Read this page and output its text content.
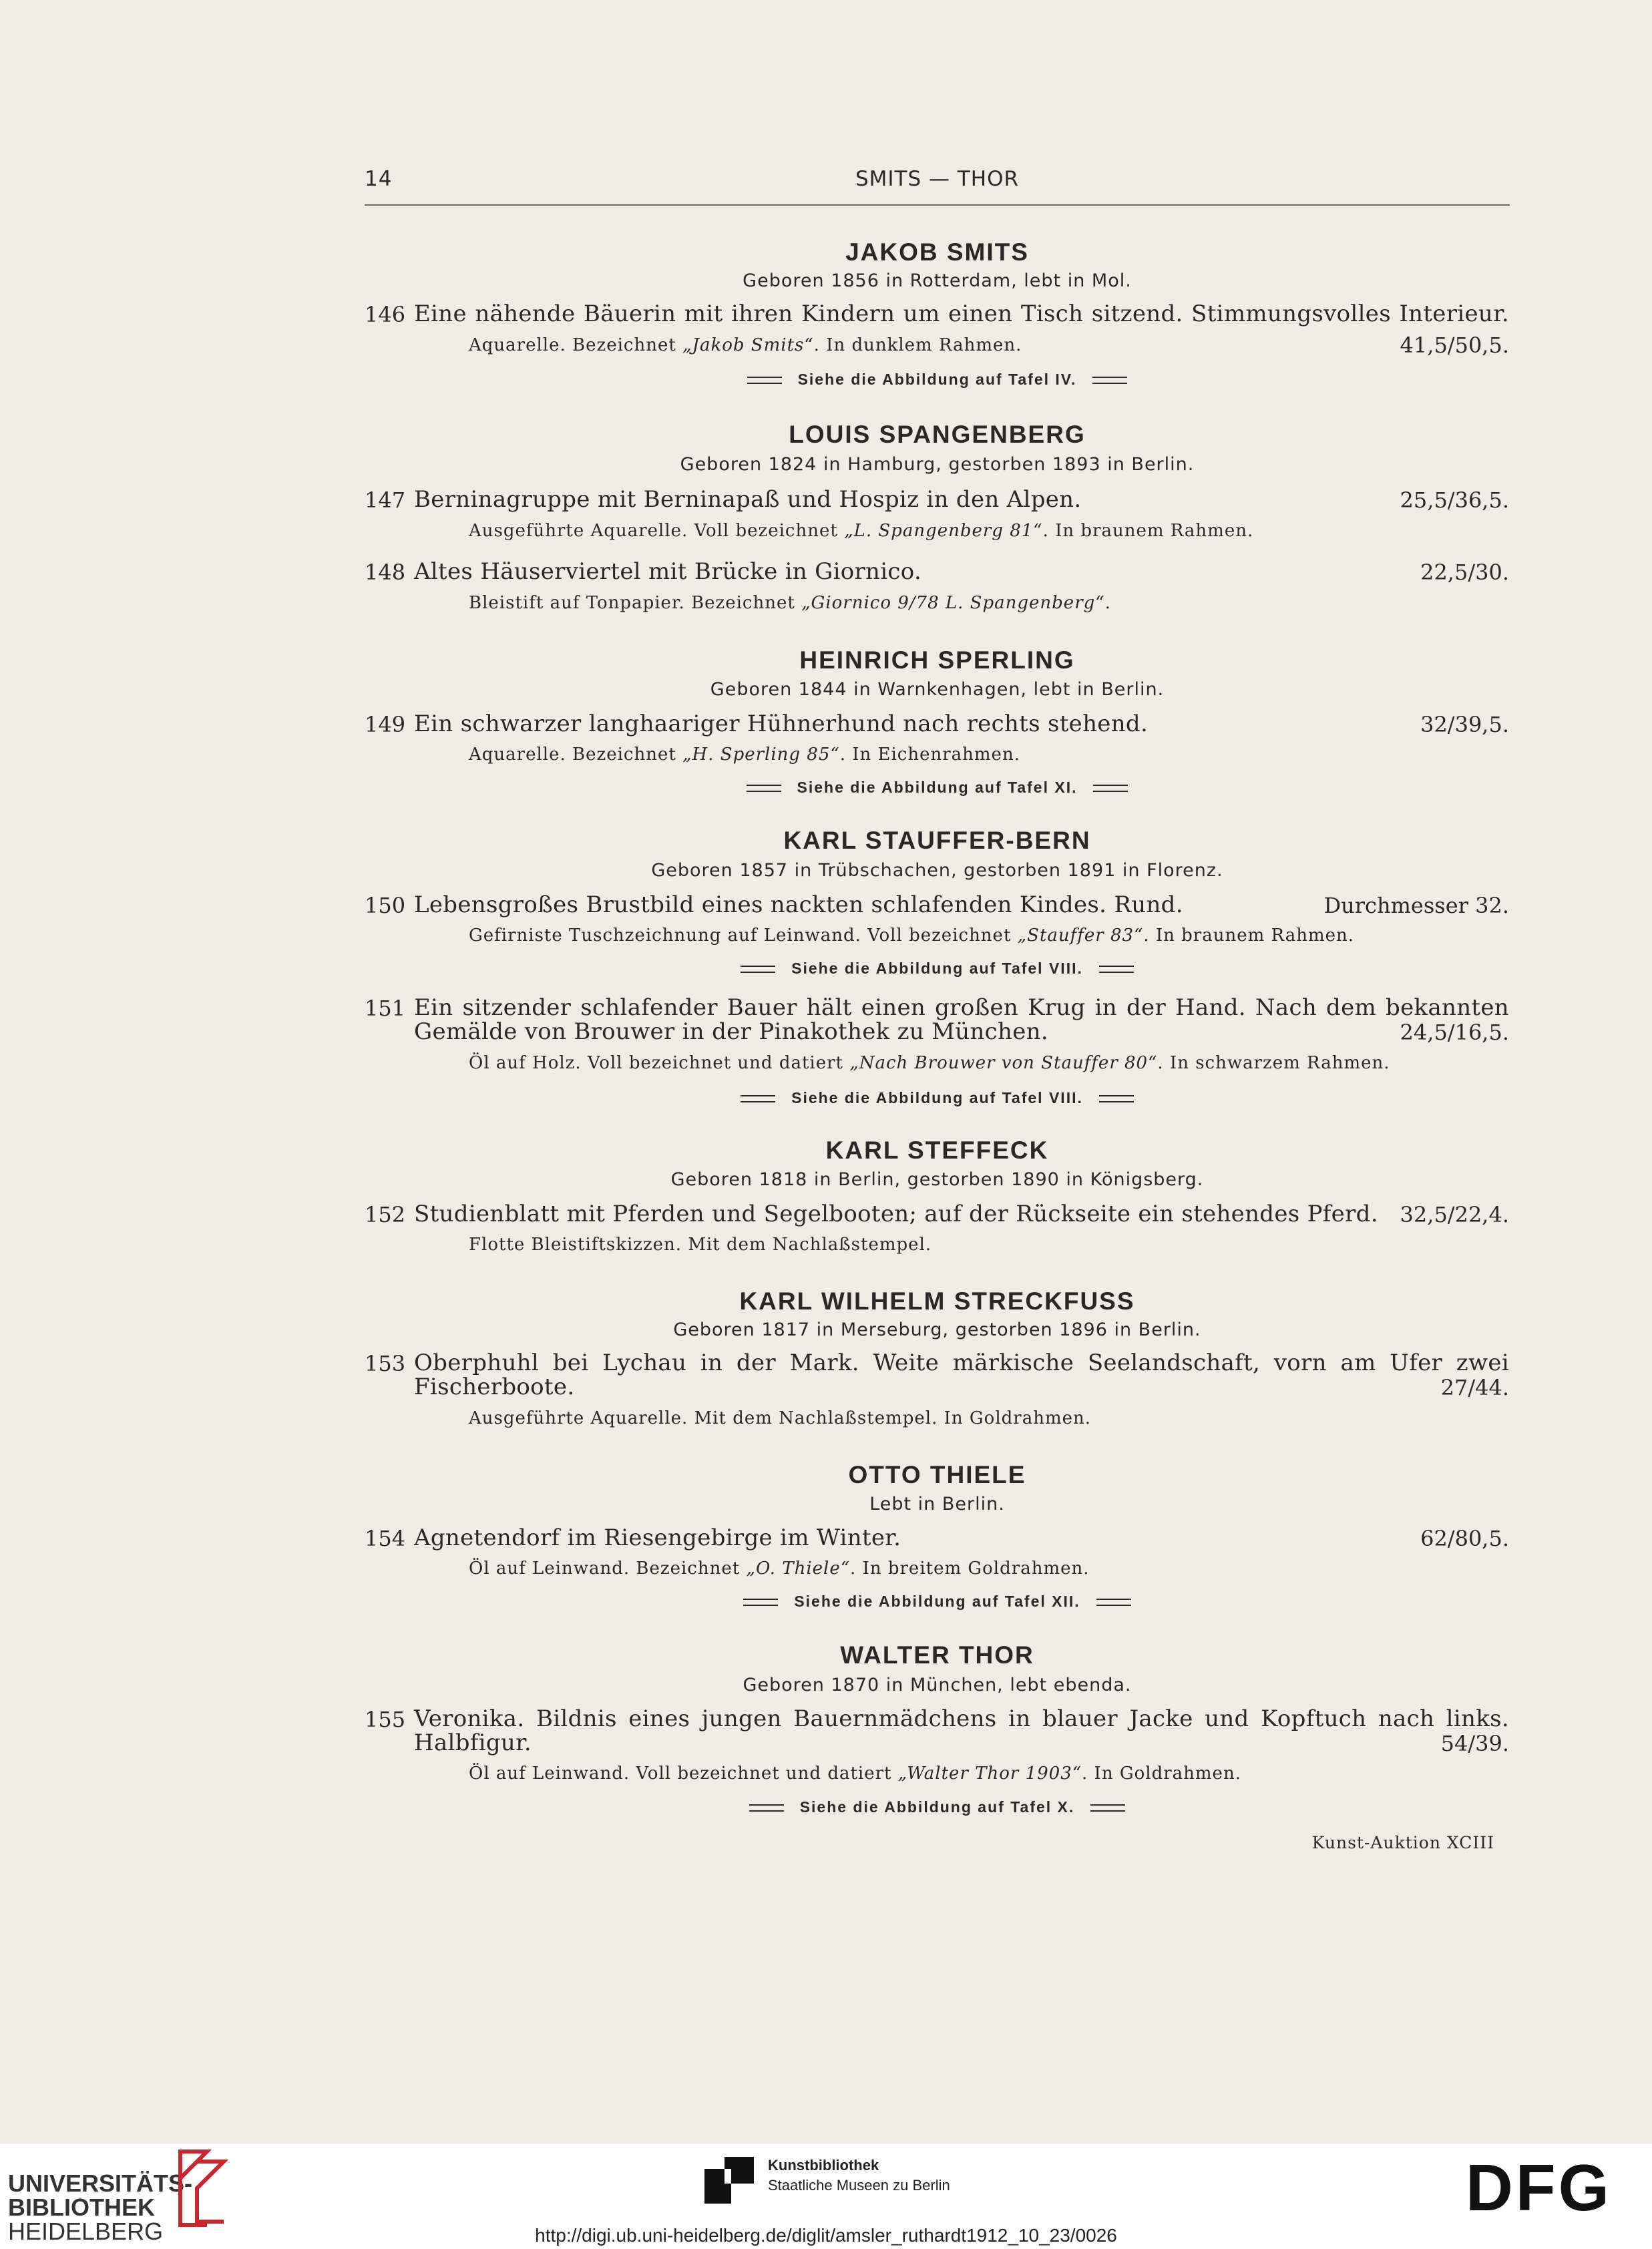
14	SMITS — THOR
JAKOB SMITS
Geboren 1856 in Rotterdam, lebt in Mol.
146 Eine nähende Bäuerin mit ihren Kindern um einen Tisch sitzend. Stimmungsvolles Interieur.
Aquarelle. Bezeichnet „Jakob Smits“. In dunklem Rahmen.	41,5/50,5.
Siehe die Abbildung auf Tafel IV.
LOUIS SPANGENBERG
Geboren 1824 in Hamburg, gestorben 1893 in Berlin.
147 Berninagruppe mit Berninapaß und Hospiz in den Alpen.	25,5/36,5.
Ausgeführte Aquarelle. Voll bezeichnet „L. Spangenberg 81“. In braunem Rahmen.
148 Altes Häuserviertel mit Brücke in Giornico.	22,5/30.
Bleistift auf Tonpapier. Bezeichnet „Giornico 9/78 L. Spangenberg“.
HEINRICH SPERLING
Geboren 1844 in Warnkenhagen, lebt in Berlin.
149 Ein schwarzer langhaariger Hühnerhund nach rechts stehend.	32/39,5.
Aquarelle. Bezeichnet „H. Sperling 85“. In Eichenrahmen.
Siehe die Abbildung auf Tafel XI.
KARL STAUFFER-BERN
Geboren 1857 in Trübschachen, gestorben 1891 in Florenz.
150 Lebensgroßes Brustbild eines nackten schlafenden Kindes. Rund.	Durchmesser 32.
Gefirniste Tuschzeichnung auf Leinwand. Voll bezeichnet „Stauffer 83“. In braunem Rahmen.
Siehe die Abbildung auf Tafel VIII.
151 Ein sitzender schlafender Bauer hält einen großen Krug in der Hand. Nach dem bekannten
Gemälde von Brouwer in der Pinakothek zu München.	24,5/16,5.
Öl auf Holz. Voll bezeichnet und datiert „Nach Brouwer von Stauffer 80“. In schwarzem Rahmen.
Siehe die Abbildung auf Tafel VIII.
KARL STEFFECK
Geboren 1818 in Berlin, gestorben 1890 in Königsberg.
152 Studienblatt mit Pferden und Segelbooten; auf der Rückseite ein stehendes Pferd.	32,5/22,4.
Flotte Bleistiftskizzen. Mit dem Nachlaßstempel.
KARL WILHELM STRECKFUSS
Geboren 1817 in Merseburg, gestorben 1896 in Berlin.
153 Oberphuhl bei Lychau in der Mark. Weite märkische Seelandschaft, vorn am Ufer zwei
Fischerboote.	27/44.
Ausgeführte Aquarelle. Mit dem Nachlaßstempel. In Goldrahmen.
OTTO THIELE
Lebt in Berlin.
154 Agnetendorf im Riesengebirge im Winter.	62/80,5.
Öl auf Leinwand. Bezeichnet „O. Thiele“. In breitem Goldrahmen.
Siehe die Abbildung auf Tafel XII.
WALTER THOR
Geboren 1870 in München, lebt ebenda.
155 Veronika. Bildnis eines jungen Bauernmädchens in blauer Jacke und Kopftuch nach links.
Halbfigur.	54/39.
Öl auf Leinwand. Voll bezeichnet und datiert „Walter Thor 1903“. In Goldrahmen.
Siehe die Abbildung auf Tafel X.
Kunst-Auktion XCIII
UNIVERSITÄTS-
BIBLIOTHEK
HEIDELBERG
Kunstbibliothek
Staatliche Museen zu Berlin	DFG
http://digi.ub.uni-heidelberg.de/diglit/amsler_ruthardt1912_10_23/0026
